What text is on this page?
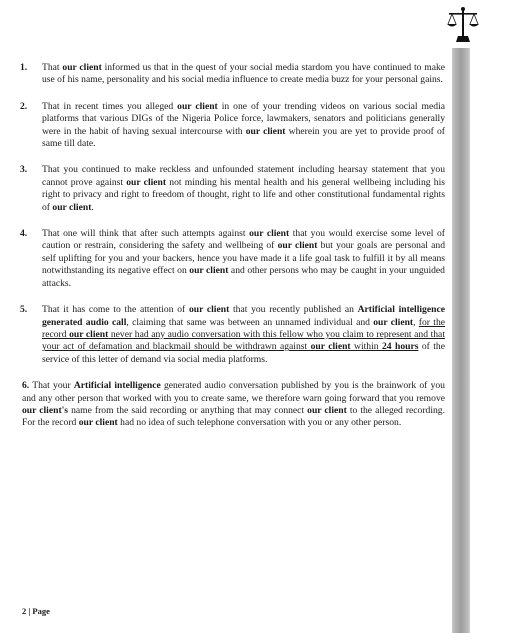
1.	That our client informed us that in the quest of your social media stardom you have continued to make use of his name, personality and his social media influence to create media buzz for your personal gains.
2.	That in recent times you alleged our client in one of your trending videos on various social media platforms that various DIGs of the Nigeria Police force, lawmakers, senators and politicians generally were in the habit of having sexual intercourse with our client wherein you are yet to provide proof of same till date.
3.	That you continued to make reckless and unfounded statement including hearsay statement that you cannot prove against our client not minding his mental health and his general wellbeing including his right to privacy and right to freedom of thought, right to life and other constitutional fundamental rights of our client.
4.	That one will think that after such attempts against our client that you would exercise some level of caution or restrain, considering the safety and wellbeing of our client but your goals are personal and self uplifting for you and your backers, hence you have made it a life goal task to fulfill it by all means notwithstanding its negative effect on our client and other persons who may be caught in your unguided attacks.
5.	That it has come to the attention of our client that you recently published an Artificial intelligence generated audio call, claiming that same was between an unnamed individual and our client, for the record our client never had any audio conversation with this fellow who you claim to represent and that your act of defamation and blackmail should be withdrawn against our client within 24 hours of the service of this letter of demand via social media platforms.
6. That your Artificial intelligence generated audio conversation published by you is the brainwork of you and any other person that worked with you to create same, we therefore warn going forward that you remove our client's name from the said recording or anything that may connect our client to the alleged recording. For the record our client had no idea of such telephone conversation with you or any other person.
2 | Page
